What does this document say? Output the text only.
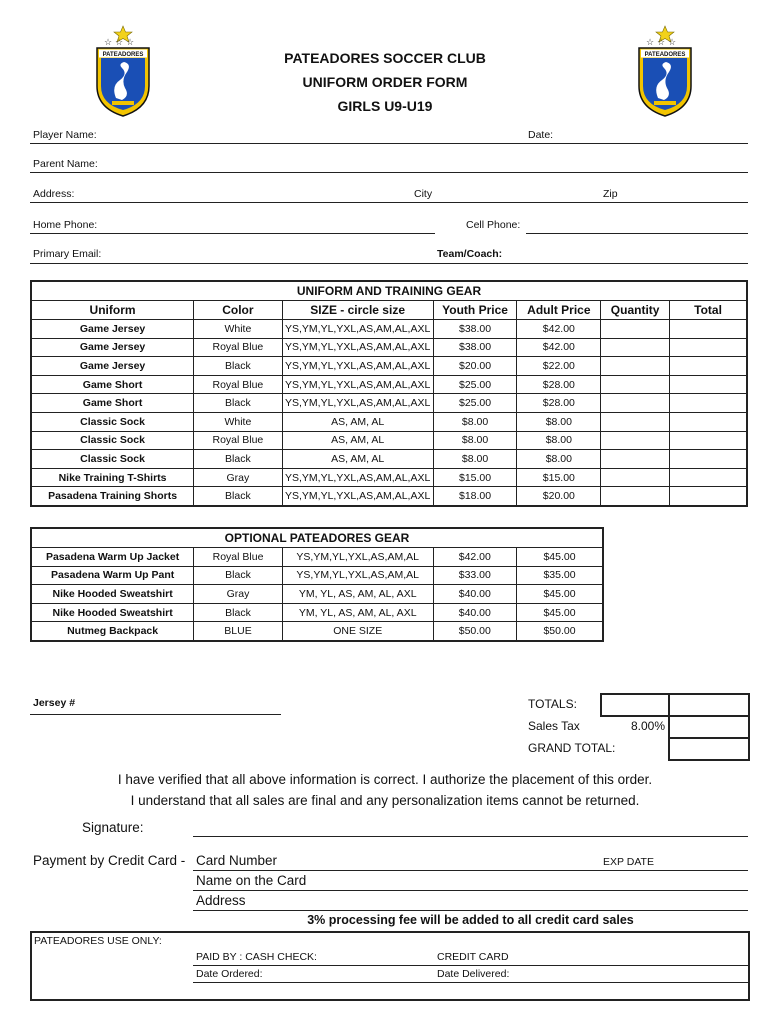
☆ ☆ ☆
PATEADORES
☆ ☆ ☆
PATEADORES
PATEADORES SOCCER CLUB
UNIFORM ORDER FORM
GIRLS U9-U19
Player Name:	Date:
Parent Name:
Address:	City	Zip
Home Phone:	Cell Phone:
Primary Email:	Team/Coach:
UNIFORM AND TRAINING GEAR						
Uniform	Color	SIZE - circle size	Youth Price	Adult Price	Quantity	Total
Game Jersey	White	YS,YM,YL,YXL,AS,AM,AL,AXL	$38.00	$42.00		
Game Jersey	Royal Blue	YS,YM,YL,YXL,AS,AM,AL,AXL	$38.00	$42.00		
Game Jersey	Black	YS,YM,YL,YXL,AS,AM,AL,AXL	$20.00	$22.00		
Game Short	Royal Blue	YS,YM,YL,YXL,AS,AM,AL,AXL	$25.00	$28.00		
Game Short	Black	YS,YM,YL,YXL,AS,AM,AL,AXL	$25.00	$28.00		
Classic Sock	White	AS, AM, AL	$8.00	$8.00		
Classic Sock	Royal Blue	AS, AM, AL	$8.00	$8.00		
Classic Sock	Black	AS, AM, AL	$8.00	$8.00		
Nike Training T-Shirts	Gray	YS,YM,YL,YXL,AS,AM,AL,AXL	$15.00	$15.00		
Pasadena Training Shorts	Black	YS,YM,YL,YXL,AS,AM,AL,AXL	$18.00	$20.00		
OPTIONAL PATEADORES GEAR				
Pasadena Warm Up Jacket	Royal Blue	YS,YM,YL,YXL,AS,AM,AL	$42.00	$45.00
Pasadena Warm Up Pant	Black	YS,YM,YL,YXL,AS,AM,AL	$33.00	$35.00
Nike Hooded Sweatshirt	Gray	YM, YL, AS, AM, AL, AXL	$40.00	$45.00
Nike Hooded Sweatshirt	Black	YM, YL, AS, AM, AL, AXL	$40.00	$45.00
Nutmeg Backpack	BLUE	ONE SIZE	$50.00	$50.00
Jersey #	TOTALS:
Sales Tax	8.00%
GRAND TOTAL:
I have verified that all above information is correct. I authorize the placement of this order.
I understand that all sales are final and any personalization items cannot be returned.
Signature:
Payment by Credit Card - Card Number	EXP DATE
Name on the Card
Address
3% processing fee will be added to all credit card sales
PATEADORES USE ONLY:
PAID BY : CASH CHECK:	CREDIT CARD
Date Ordered:	Date Delivered:
